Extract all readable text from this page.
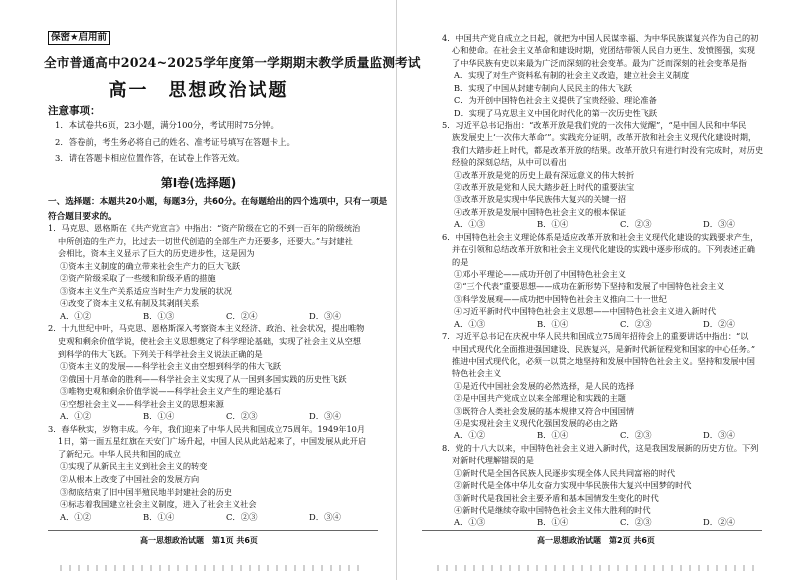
保密★启用前
全市普通高中2024~2025学年度第一学期期末教学质量监测考试
高一　思想政治试题
注意事项：
1．本试卷共6页，23小题，满分100分，考试用时75分钟。
2．答卷前，考生务必将自己的姓名、准考证号填写在答题卡上。
3．请在答题卡相应位置作答，在试卷上作答无效。
第Ⅰ卷(选择题)
一、选择题：本题共20小题，每题3分，共60分。在每题给出的四个选项中，只有一项是符合题目要求的。
1．马克思、恩格斯在《共产党宣言》中指出：“资产阶级在它的不到一百年的阶级统治
中所创造的生产力，比过去一切世代创造的全部生产力还要多，还要大。”与封建社
会相比，资本主义显示了巨大的历史进步性，这是因为
①资本主义制度的确立带来社会生产力的巨大飞跃
②资产阶级采取了一些缓和阶级矛盾的措施
③资本主义生产关系适应当时生产力发展的状况
④改变了资本主义私有制及其剥削关系
A．①②	B．①③	C．②④	D．③④
2．十九世纪中叶，马克思、恩格斯深入考察资本主义经济、政治、社会状况，提出唯物
史观和剩余价值学说，使社会主义思想奠定了科学理论基础，实现了社会主义从空想
到科学的伟大飞跃。下列关于科学社会主义说法正确的是
①资本主义的发展——科学社会主义由空想到科学的伟大飞跃
②俄国十月革命的胜利——科学社会主义实现了从一国到多国实践的历史性飞跃
③唯物史观和剩余价值学说——科学社会主义产生的理论基石
④空想社会主义——科学社会主义的思想来源
A．①②	B．①④	C．②③	D．③④
3．春华秋实，岁物丰成。今年，我们迎来了中华人民共和国成立75周年。1949年10月
1日，第一面五星红旗在天安门广场升起，中国人民从此站起来了，中国发展从此开启
了新纪元。中华人民共和国的成立
①实现了从新民主主义到社会主义的转变
②从根本上改变了中国社会的发展方向
③彻底结束了旧中国半殖民地半封建社会的历史
④标志着我国建立社会主义制度，进入了社会主义社会
A．①②	B．①④	C．②③	D．③④
高一思想政治试题　第1页 共6页
4．中国共产党自成立之日起，就把为中国人民谋幸福、为中华民族谋复兴作为自己的初
心和使命。在社会主义革命和建设时期，党团结带领人民自力更生、发愤图强，实现
了中华民族有史以来最为广泛而深刻的社会变革。最为广泛而深刻的社会变革是指
A．实现了对生产资料私有制的社会主义改造，建立社会主义制度
B．实现了中国从封建专制向人民民主的伟大飞跃
C．为开创中国特色社会主义提供了宝贵经验、理论准备
D．实现了马克思主义中国化时代化的第一次历史性飞跃
5．习近平总书记指出：“改革开放是我们党的一次伟大觉醒”，“是中国人民和中华民
族发展史上‘一次伟大革命’”。实践充分证明，改革开放和社会主义现代化建设时期，
我们大踏步赶上时代，都是改革开放的结果。改革开放只有进行时没有完成时，对历史
经验的深刻总结，从中可以看出
①改革开放是党的历史上最有深远意义的伟大转折
②改革开放是党和人民大踏步赶上时代的重要法宝
③改革开放是实现中华民族伟大复兴的关键一招
④改革开放是发展中国特色社会主义的根本保证
A．①③	B．①④	C．②③	D．③④
6．中国特色社会主义理论体系是适应改革开放和社会主义现代化建设的实践要求产生，
并在引领和总结改革开放和社会主义现代化建设的实践中逐步形成的。下列表述正确
的是
①邓小平理论——成功开创了中国特色社会主义
②“三个代表”重要思想——成功在新形势下坚持和发展了中国特色社会主义
③科学发展观——成功把中国特色社会主义推向二十一世纪
④习近平新时代中国特色社会主义思想——中国特色社会主义进入新时代
A．①③	B．①④	C．②③	D．②④
7．习近平总书记在庆祝中华人民共和国成立75周年招待会上的重要讲话中指出：“以
中国式现代化全面推进强国建设、民族复兴，是新时代新征程党和国家的中心任务。”
推进中国式现代化，必须一以贯之地坚持和发展中国特色社会主义。坚持和发展中国
特色社会主义
①是近代中国社会发展的必然选择，是人民的选择
②是中国共产党成立以来全部理论和实践的主题
③既符合人类社会发展的基本规律又符合中国国情
④是实现社会主义现代化强国发展的必由之路
A．①②	B．①④	C．②③	D．③④
8．党的十八大以来，中国特色社会主义进入新时代，这是我国发展新的历史方位。下列
对新时代理解错误的是
①新时代是全国各民族人民逐步实现全体人民共同富裕的时代
②新时代是全体中华儿女奋力实现中华民族伟大复兴中国梦的时代
③新时代是我国社会主要矛盾和基本国情发生变化的时代
④新时代是继续夺取中国特色社会主义伟大胜利的时代
A．①③	B．①④	C．②③	D．②④
高一思想政治试题　第2页 共6页
